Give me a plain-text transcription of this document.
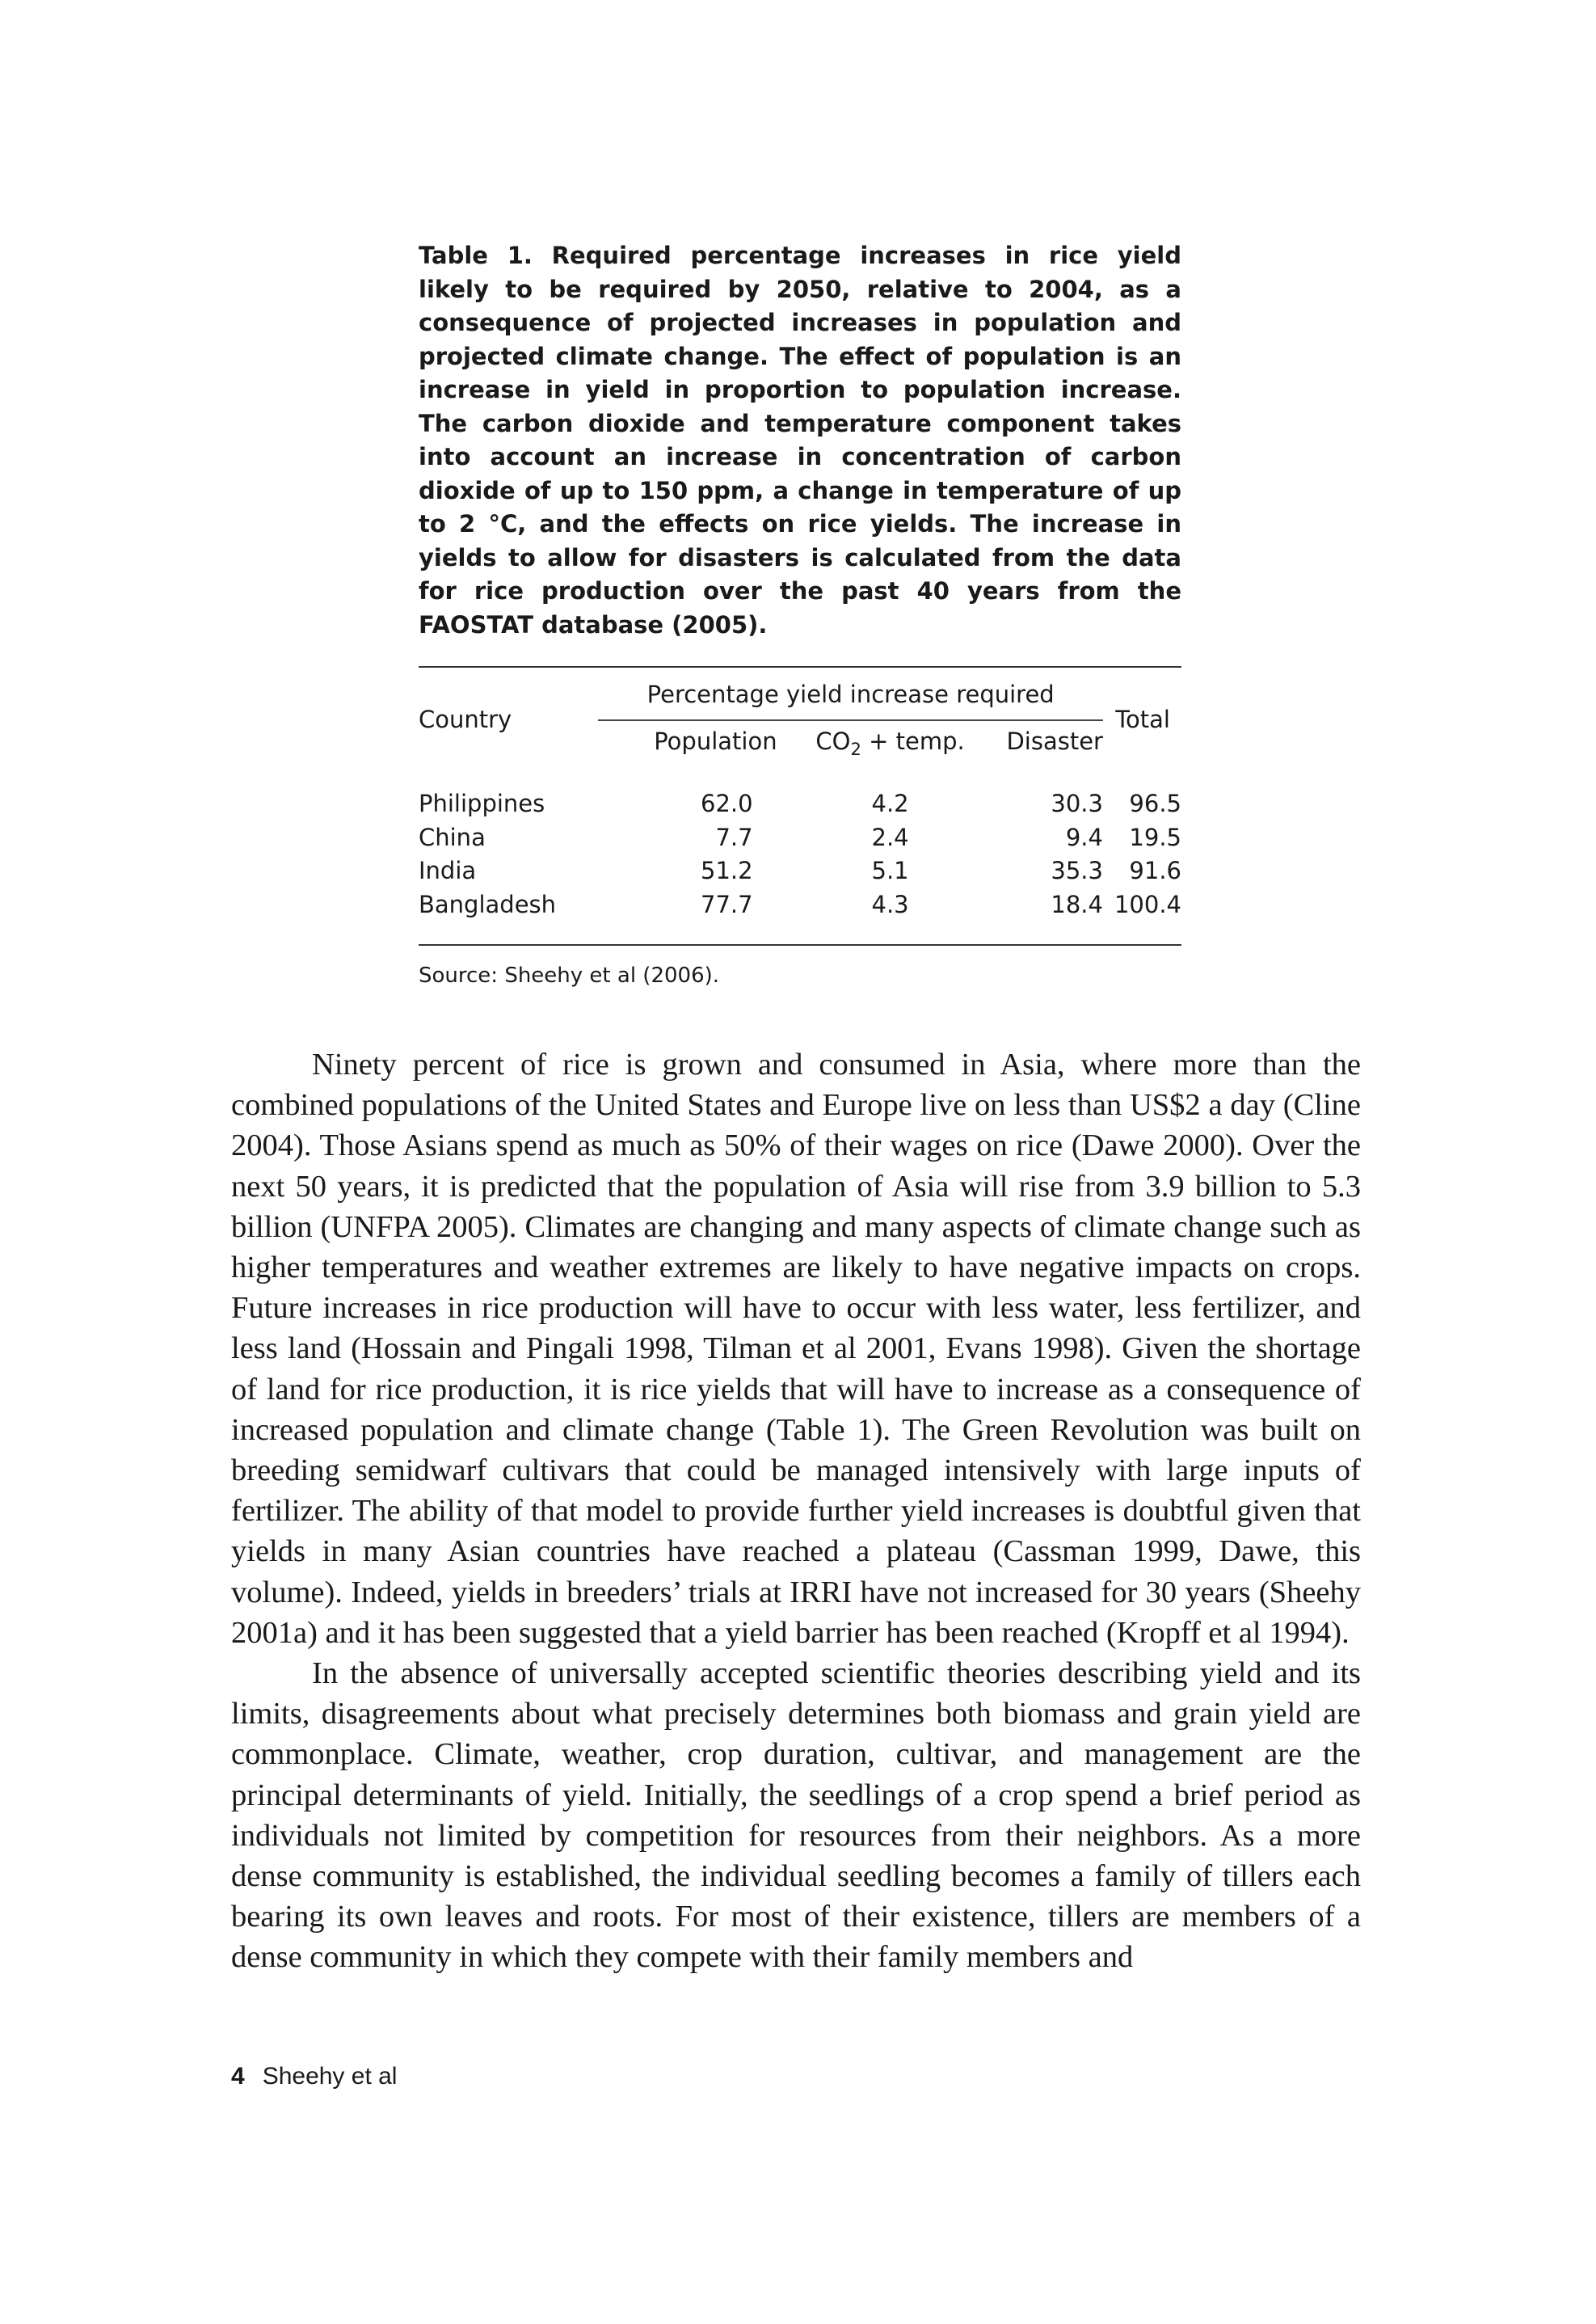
Table 1. Required percentage increases in rice yield likely to be required by 2050, relative to 2004, as a consequence of projected increases in population and projected climate change. The effect of population is an increase in yield in proportion to population increase. The carbon dioxide and temperature component takes into account an increase in concentration of carbon dioxide of up to 150 ppm, a change in temperature of up to 2 °C, and the effects on rice yields. The increase in yields to allow for disasters is calculated from the data for rice production over the past 40 years from the FAOSTAT database (2005).

Country	Percentage yield increase required			Total
	Population	$CO_2$ + temp.	Disaster	
Philippines	62.0	4.2	30.3	96.5
China	7.7	2.4	9.4	19.5
India	51.2	5.1	35.3	91.6
Bangladesh	77.7	4.3	18.4	100.4
Source: Sheehy et al (2006).

Ninety percent of rice is grown and consumed in Asia, where more than the combined populations of the United States and Europe live on less than US$2 a day (Cline 2004). Those Asians spend as much as 50% of their wages on rice (Dawe 2000). Over the next 50 years, it is predicted that the population of Asia will rise from 3.9 billion to 5.3 billion (UNFPA 2005). Climates are changing and many aspects of climate change such as higher temperatures and weather extremes are likely to have negative impacts on crops. Future increases in rice production will have to occur with less water, less fertilizer, and less land (Hossain and Pingali 1998, Tilman et al 2001, Evans 1998). Given the shortage of land for rice production, it is rice yields that will have to increase as a consequence of increased population and climate change (Table 1). The Green Revolution was built on breeding semidwarf cultivars that could be managed intensively with large inputs of fertilizer. The ability of that model to provide further yield increases is doubtful given that yields in many Asian countries have reached a plateau (Cassman 1999, Dawe, this volume). Indeed, yields in breeders’ trials at IRRI have not increased for 30 years (Sheehy 2001a) and it has been suggested that a yield barrier has been reached (Kropff et al 1994).

In the absence of universally accepted scientific theories describing yield and its limits, disagreements about what precisely determines both biomass and grain yield are commonplace. Climate, weather, crop duration, cultivar, and management are the principal determinants of yield. Initially, the seedlings of a crop spend a brief period as individuals not limited by competition for resources from their neighbors. As a more dense community is established, the individual seedling becomes a family of tillers each bearing its own leaves and roots. For most of their existence, tillers are members of a dense community in which they compete with their family members and

4 Sheehy et al
